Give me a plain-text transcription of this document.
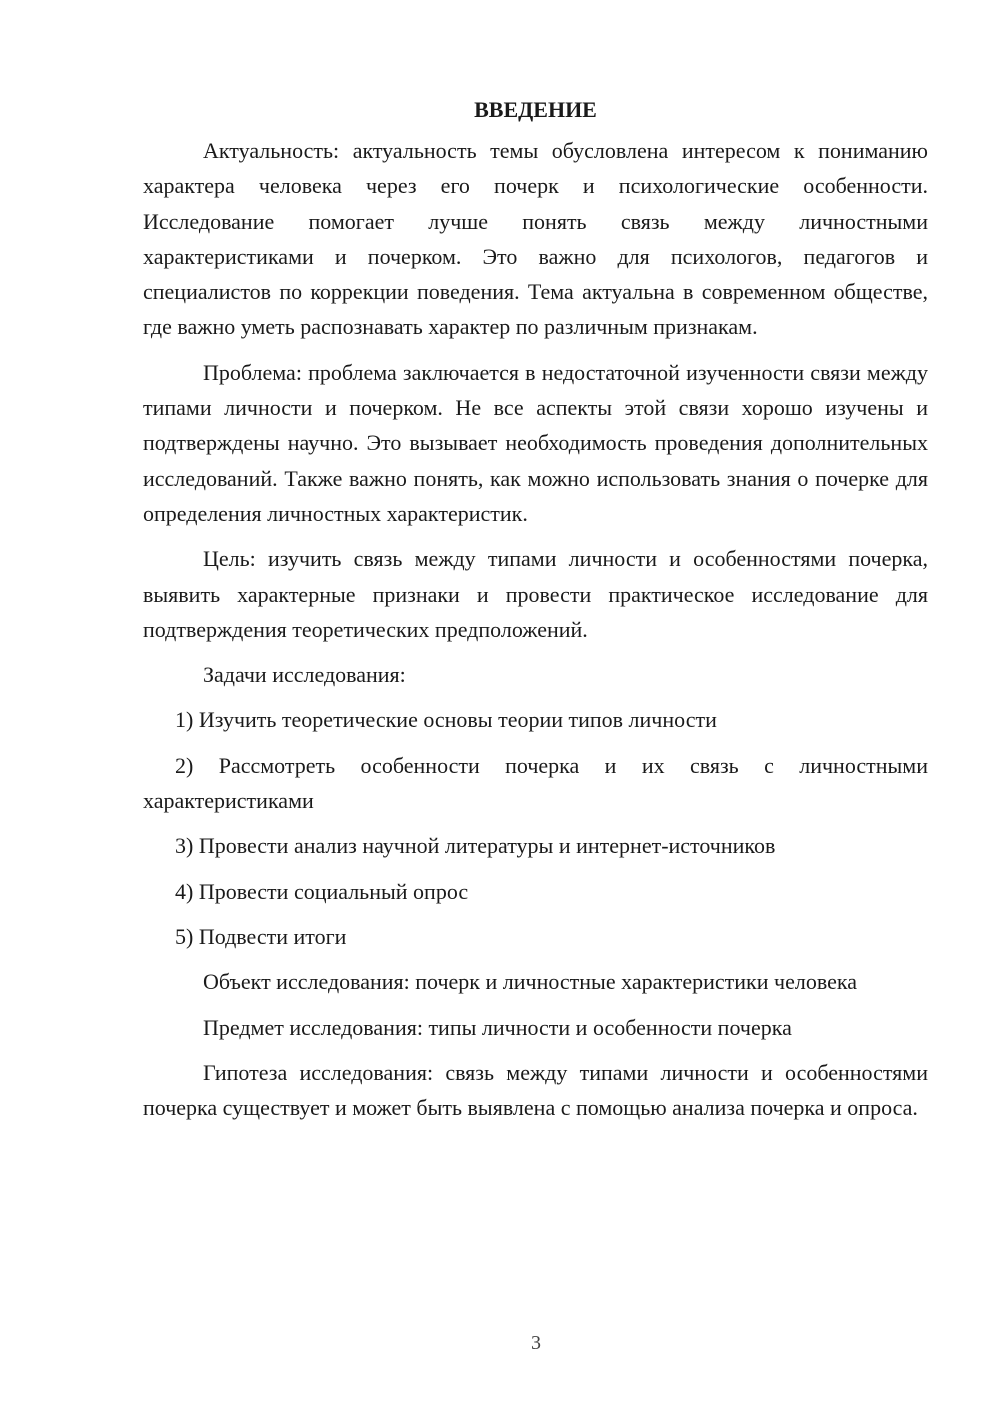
ВВЕДЕНИЕ

Актуальность: актуальность темы обусловлена интересом к пониманию характера человека через его почерк и психологические особенности. Исследование помогает лучше понять связь между личностными характеристиками и почерком. Это важно для психологов, педагогов и специалистов по коррекции поведения. Тема актуальна в современном обществе, где важно уметь распознавать характер по различным признакам.

Проблема: проблема заключается в недостаточной изученности связи между типами личности и почерком. Не все аспекты этой связи хорошо изучены и подтверждены научно. Это вызывает необходимость проведения дополнительных исследований. Также важно понять, как можно использовать знания о почерке для определения личностных характеристик.

Цель: изучить связь между типами личности и особенностями почерка, выявить характерные признаки и провести практическое исследование для подтверждения теоретических предположений.

Задачи исследования:

1) Изучить теоретические основы теории типов личности

2) Рассмотреть особенности почерка и их связь с личностными характеристиками

3) Провести анализ научной литературы и интернет-источников

4) Провести социальный опрос

5) Подвести итоги

Объект исследования: почерк и личностные характеристики человека

Предмет исследования: типы личности и особенности почерка

Гипотеза исследования: связь между типами личности и особенностями почерка существует и может быть выявлена с помощью анализа почерка и опроса.

3
